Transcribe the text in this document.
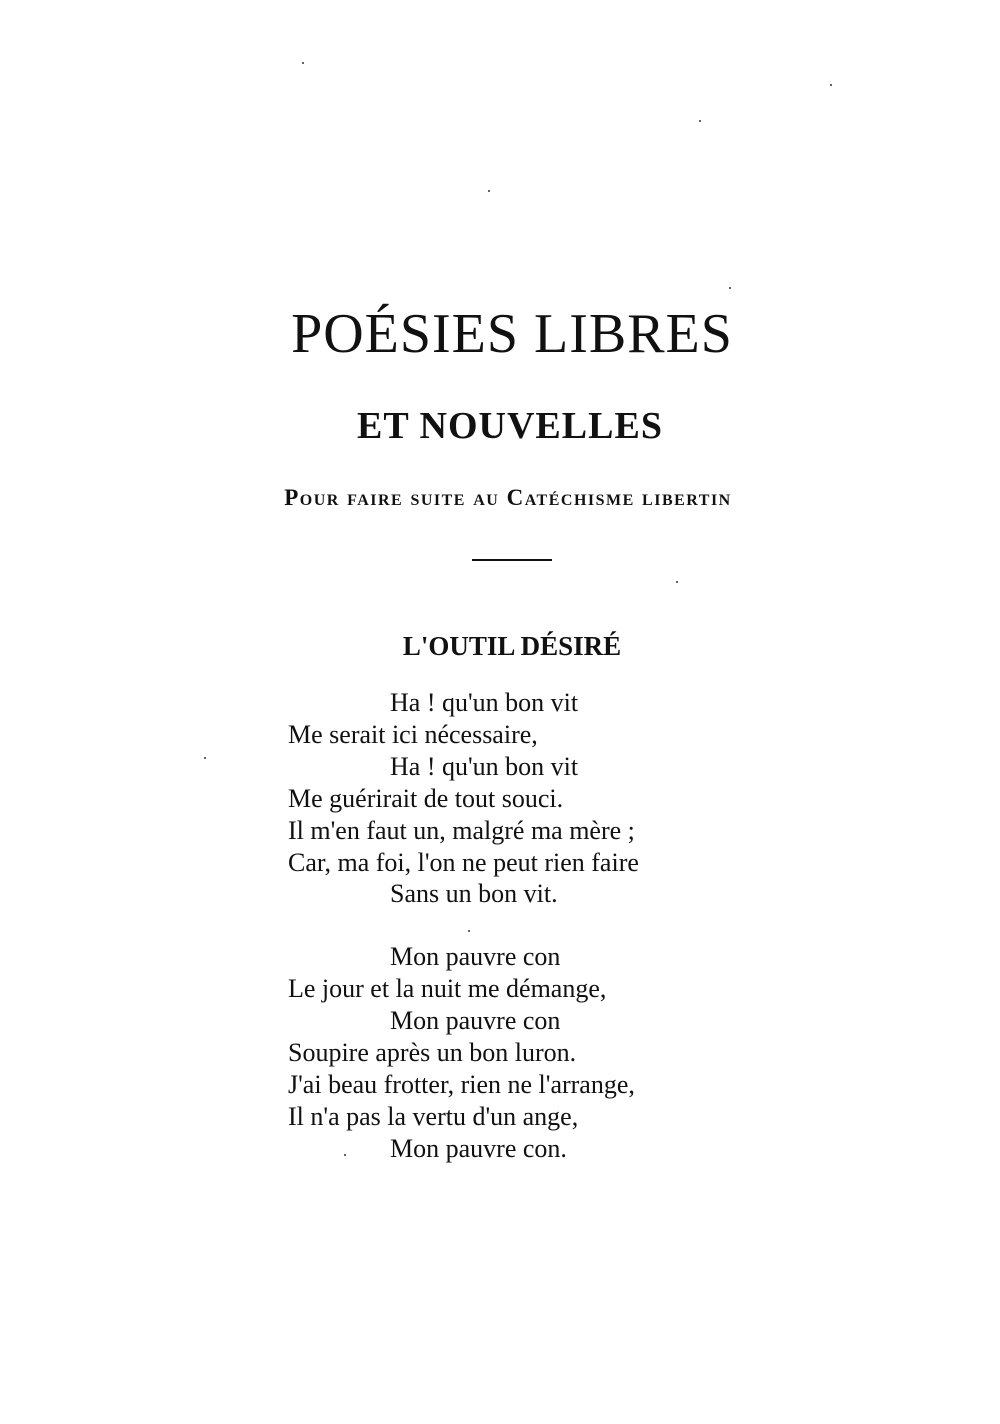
POÉSIES LIBRES
ET NOUVELLES
Pour faire suite au Catéchisme libertin
L'OUTIL DÉSIRÉ
Ha ! qu'un bon vit
Me serait ici nécessaire,
Ha ! qu'un bon vit
Me guérirait de tout souci.
Il m'en faut un, malgré ma mère ;
Car, ma foi, l'on ne peut rien faire
Sans un bon vit.
Mon pauvre con
Le jour et la nuit me démange,
Mon pauvre con
Soupire après un bon luron.
J'ai beau frotter, rien ne l'arrange,
Il n'a pas la vertu d'un ange,
Mon pauvre con.
